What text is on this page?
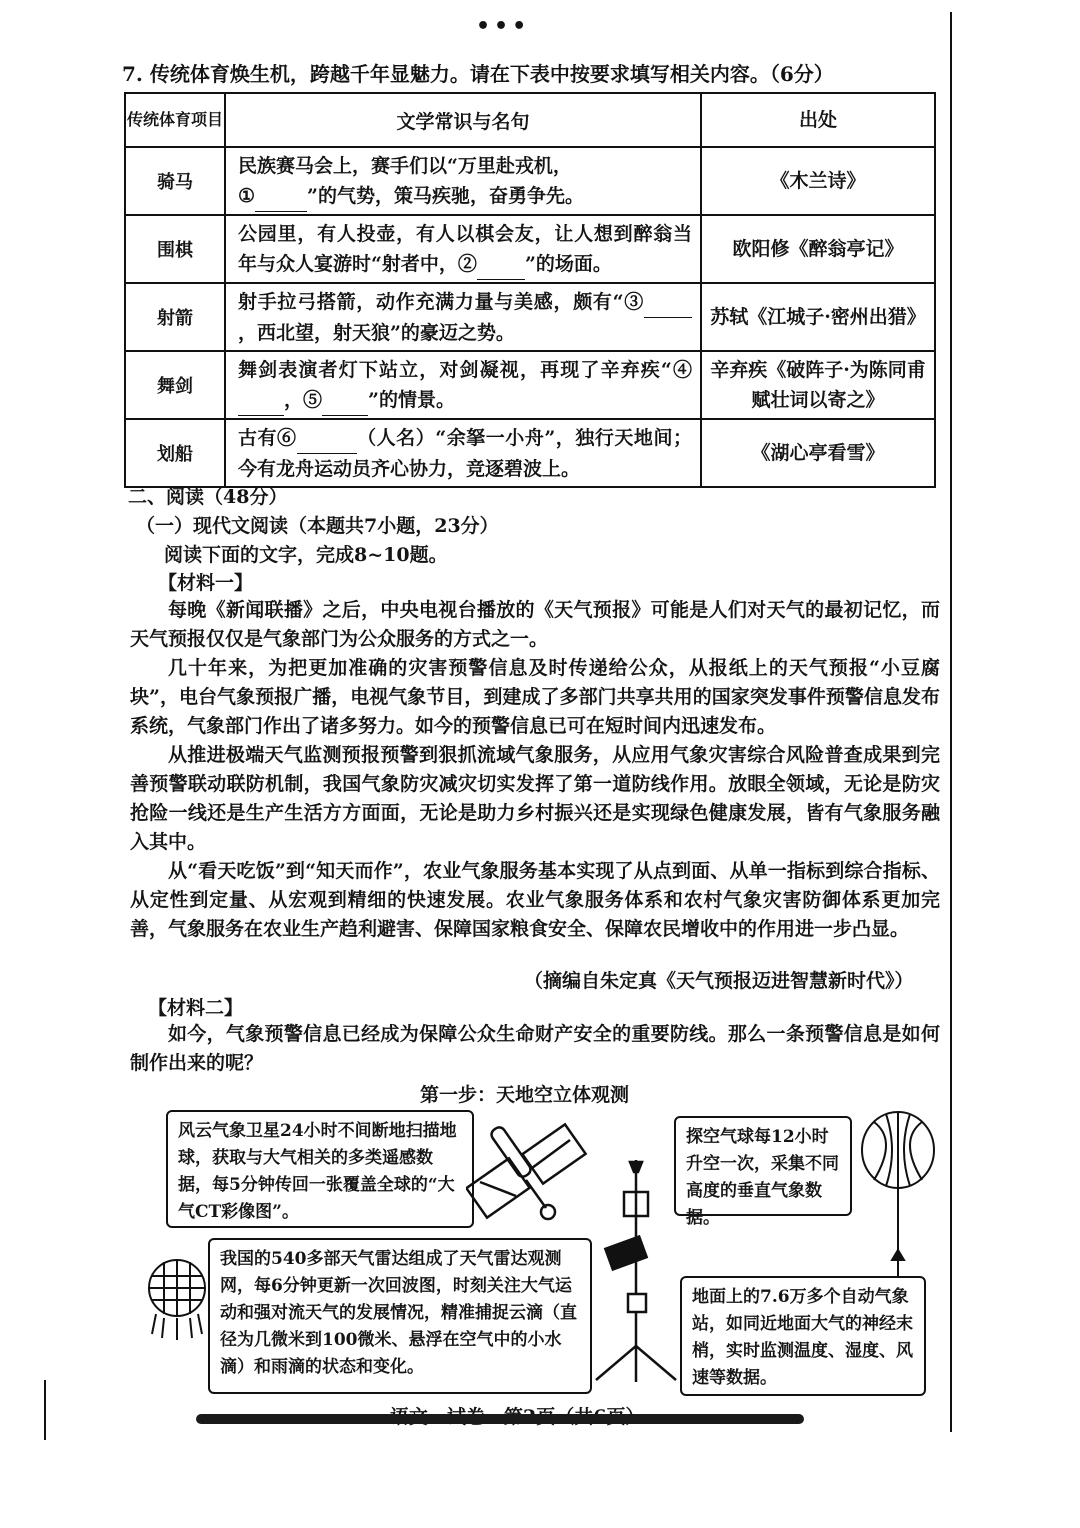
•••
7. 传统体育焕生机，跨越千年显魅力。请在下表中按要求填写相关内容。（6分）
传统体育项目	文学常识与名句	出处
骑马	民族赛马会上，赛手们以“万里赴戎机，
① ”的气势，策马疾驰，奋勇争先。	《木兰诗》
围棋	公园里，有人投壶，有人以棋会友，让人想到醉翁当年与众人宴游时“射者中，② ”的场面。	欧阳修《醉翁亭记》
射箭	射手拉弓搭箭，动作充满力量与美感，颇有“③ ，西北望，射天狼”的豪迈之势。	苏轼《江城子·密州出猎》
舞剑	舞剑表演者灯下站立，对剑凝视，再现了辛弃疾“④ ，⑤ ”的情景。	辛弃疾《破阵子·为陈同甫赋壮词以寄之》
划船	古有⑥ （人名）“余拏一小舟”，独行天地间；今有龙舟运动员齐心协力，竞逐碧波上。	《湖心亭看雪》
二、阅读（48分）
（一）现代文阅读（本题共7小题，23分）
阅读下面的文字，完成8~10题。
【材料一】

每晚《新闻联播》之后，中央电视台播放的《天气预报》可能是人们对天气的最初记忆，而天气预报仅仅是气象部门为公众服务的方式之一。

几十年来，为把更加准确的灾害预警信息及时传递给公众，从报纸上的天气预报“小豆腐块”，电台气象预报广播，电视气象节目，到建成了多部门共享共用的国家突发事件预警信息发布系统，气象部门作出了诸多努力。如今的预警信息已可在短时间内迅速发布。

从推进极端天气监测预报预警到狠抓流域气象服务，从应用气象灾害综合风险普查成果到完善预警联动联防机制，我国气象防灾减灾切实发挥了第一道防线作用。放眼全领域，无论是防灾抢险一线还是生产生活方方面面，无论是助力乡村振兴还是实现绿色健康发展，皆有气象服务融入其中。

从“看天吃饭”到“知天而作”，农业气象服务基本实现了从点到面、从单一指标到综合指标、从定性到定量、从宏观到精细的快速发展。农业气象服务体系和农村气象灾害防御体系更加完善，气象服务在农业生产趋利避害、保障国家粮食安全、保障农民增收中的作用进一步凸显。

（摘编自朱定真《天气预报迈进智慧新时代》）
【材料二】

如今，气象预警信息已经成为保障公众生命财产安全的重要防线。那么一条预警信息是如何制作出来的呢？

第一步：天地空立体观测
风云气象卫星24小时不间断地扫描地球，获取与大气相关的多类遥感数据，每5分钟传回一张覆盖全球的“大气CT彩像图”。
探空气球每12小时升空一次，采集不同高度的垂直气象数据。
我国的540多部天气雷达组成了天气雷达观测网，每6分钟更新一次回波图，时刻关注大气运动和强对流天气的发展情况，精准捕捉云滴（直径为几微米到100微米、悬浮在空气中的小水滴）和雨滴的状态和变化。
地面上的7.6万多个自动气象站，如同近地面大气的神经末梢，实时监测温度、湿度、风速等数据。
